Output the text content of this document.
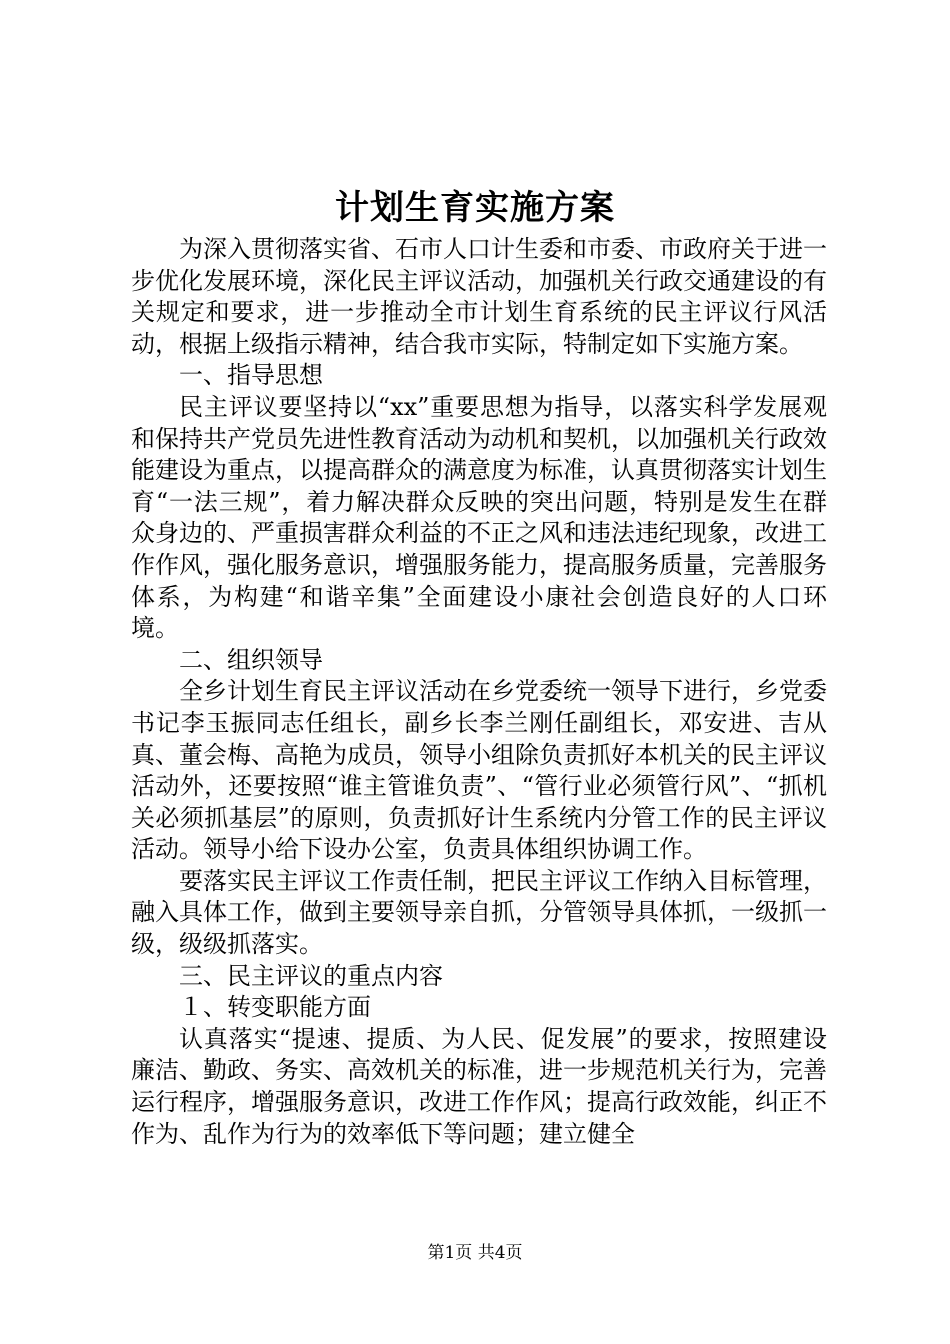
计划生育实施方案

为深入贯彻落实省、石市人口计生委和市委、市政府关于进一步优化发展环境，深化民主评议活动，加强机关行政交通建设的有关规定和要求，进一步推动全市计划生育系统的民主评议行风活动，根据上级指示精神，结合我市实际，特制定如下实施方案。

一、指导思想

民主评议要坚持以“xx”重要思想为指导，以落实科学发展观和保持共产党员先进性教育活动为动机和契机，以加强机关行政效能建设为重点，以提高群众的满意度为标准，认真贯彻落实计划生育“一法三规”，着力解决群众反映的突出问题，特别是发生在群众身边的、严重损害群众利益的不正之风和违法违纪现象，改进工作作风，强化服务意识，增强服务能力，提高服务质量，完善服务体系，为构建“和谐辛集”全面建设小康社会创造良好的人口环境。

二、组织领导

全乡计划生育民主评议活动在乡党委统一领导下进行，乡党委书记李玉振同志任组长，副乡长李兰刚任副组长，邓安进、吉从真、董会梅、高艳为成员，领导小组除负责抓好本机关的民主评议活动外，还要按照“谁主管谁负责”、“管行业必须管行风”、“抓机关必须抓基层”的原则，负责抓好计生系统内分管工作的民主评议活动。领导小给下设办公室，负责具体组织协调工作。

要落实民主评议工作责任制，把民主评议工作纳入目标管理，融入具体工作，做到主要领导亲自抓，分管领导具体抓，一级抓一级，级级抓落实。

三、民主评议的重点内容

１、转变职能方面

认真落实“提速、提质、为人民、促发展”的要求，按照建设廉洁、勤政、务实、高效机关的标准，进一步规范机关行为，完善运行程序，增强服务意识，改进工作作风；提高行政效能，纠正不作为、乱作为行为的效率低下等问题；建立健全

第1页 共4页
